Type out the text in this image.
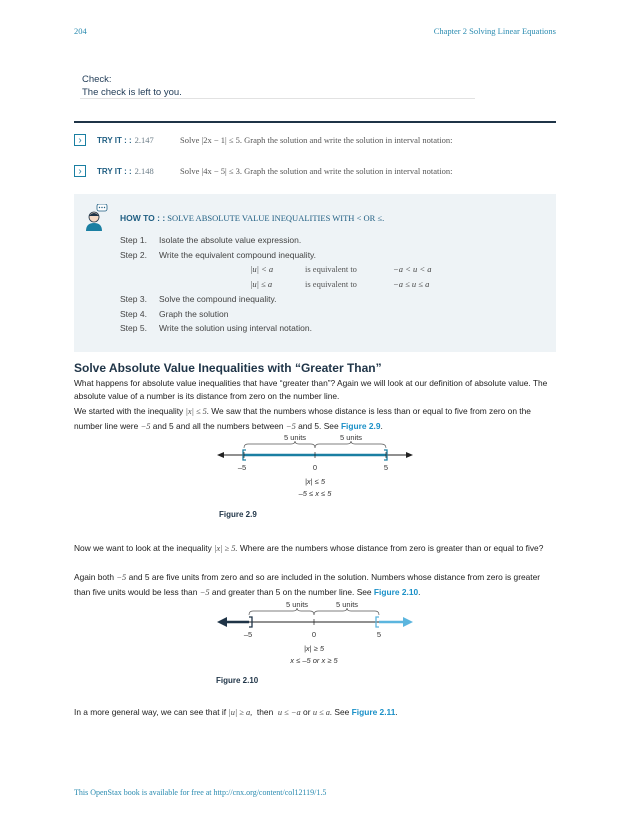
204	Chapter 2 Solving Linear Equations
Check:
The check is left to you.
›	TRY IT : : 2.147	Solve |2x − 1| ≤ 5. Graph the solution and write the solution in interval notation:
›	TRY IT : : 2.148	Solve |4x − 5| ≤ 3. Graph the solution and write the solution in interval notation:
HOW TO : : SOLVE ABSOLUTE VALUE INEQUALITIES WITH < OR ≤.
Step 1. Isolate the absolute value expression.
Step 2. Write the equivalent compound inequality.
|u| < a	is equivalent to	−a < u < a
|u| ≤ a	is equivalent to	−a ≤ u ≤ a
Step 3. Solve the compound inequality.
Step 4. Graph the solution
Step 5. Write the solution using interval notation.
Solve Absolute Value Inequalities with “Greater Than”
What happens for absolute value inequalities that have “greater than”? Again we will look at our definition of absolute value. The absolute value of a number is its distance from zero on the number line.
We started with the inequality |x| ≤ 5. We saw that the numbers whose distance is less than or equal to five from zero on the number line were −5 and 5 and all the numbers between −5 and 5. See Figure 2.9.
5 units	5 units
–5	0	5
|x| ≤ 5
–5 ≤ x ≤ 5
Figure 2.9
Now we want to look at the inequality |x| ≥ 5. Where are the numbers whose distance from zero is greater than or equal to five?
Again both −5 and 5 are five units from zero and so are included in the solution. Numbers whose distance from zero is greater than five units would be less than −5 and greater than 5 on the number line. See Figure 2.10.
5 units	5 units
–5	0	5
|x| ≥ 5
x ≤ –5 or x ≥ 5
Figure 2.10
In a more general way, we can see that if |u| ≥ a, then u ≤ −a or u ≤ a. See Figure 2.11.
This OpenStax book is available for free at http://cnx.org/content/col12119/1.5
